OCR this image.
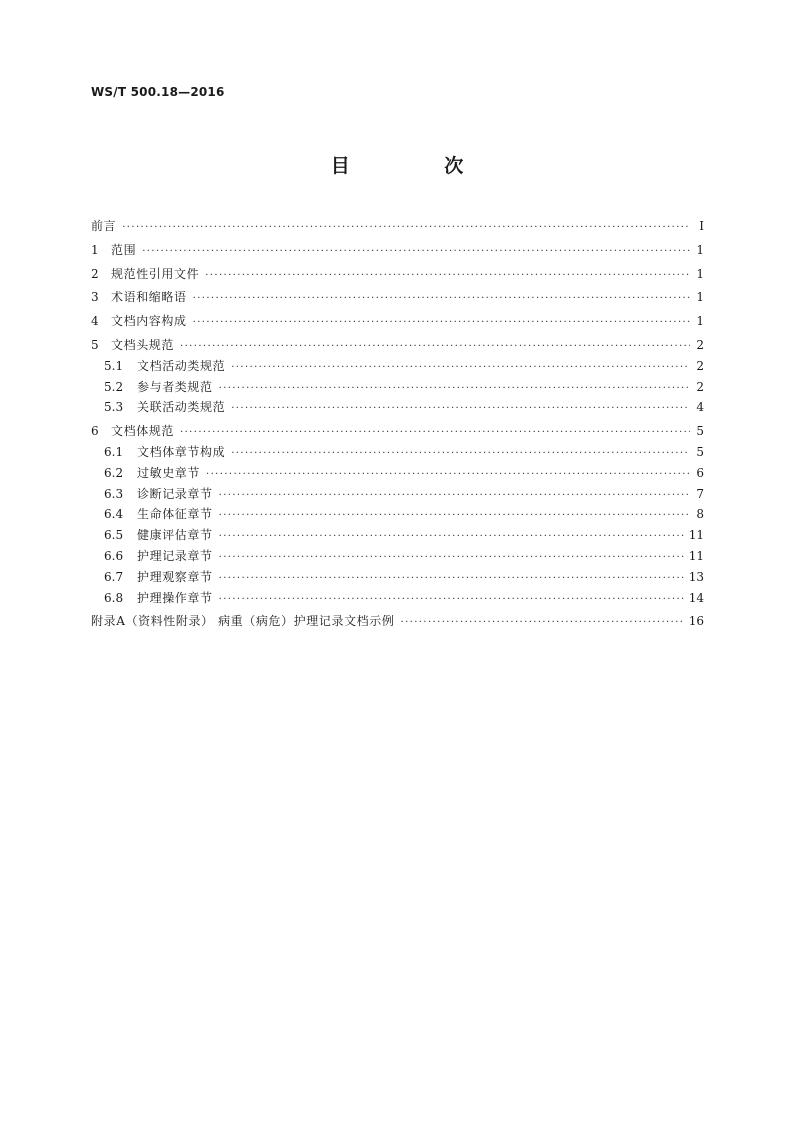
WS/T 500.18—2016
目 次
前言 ·····	Ⅰ
1	范围 ·····	1
2	规范性引用文件 ·····	1
3	术语和缩略语 ·····	1
4	文档内容构成 ·····	1
5	文档头规范 ·····	2
5.1	文档活动类规范 ·····	2
5.2	参与者类规范 ·····	2
5.3	关联活动类规范 ·····	4
6	文档体规范 ·····	5
6.1	文档体章节构成 ·····	5
6.2	过敏史章节 ·····	6
6.3	诊断记录章节 ·····	7
6.4	生命体征章节 ·····	8
6.5	健康评估章节 ·····	11
6.6	护理记录章节 ·····	11
6.7	护理观察章节 ·····	13
6.8	护理操作章节 ·····	14
附录A（资料性附录） 病重（病危）护理记录文档示例 ·····	16
